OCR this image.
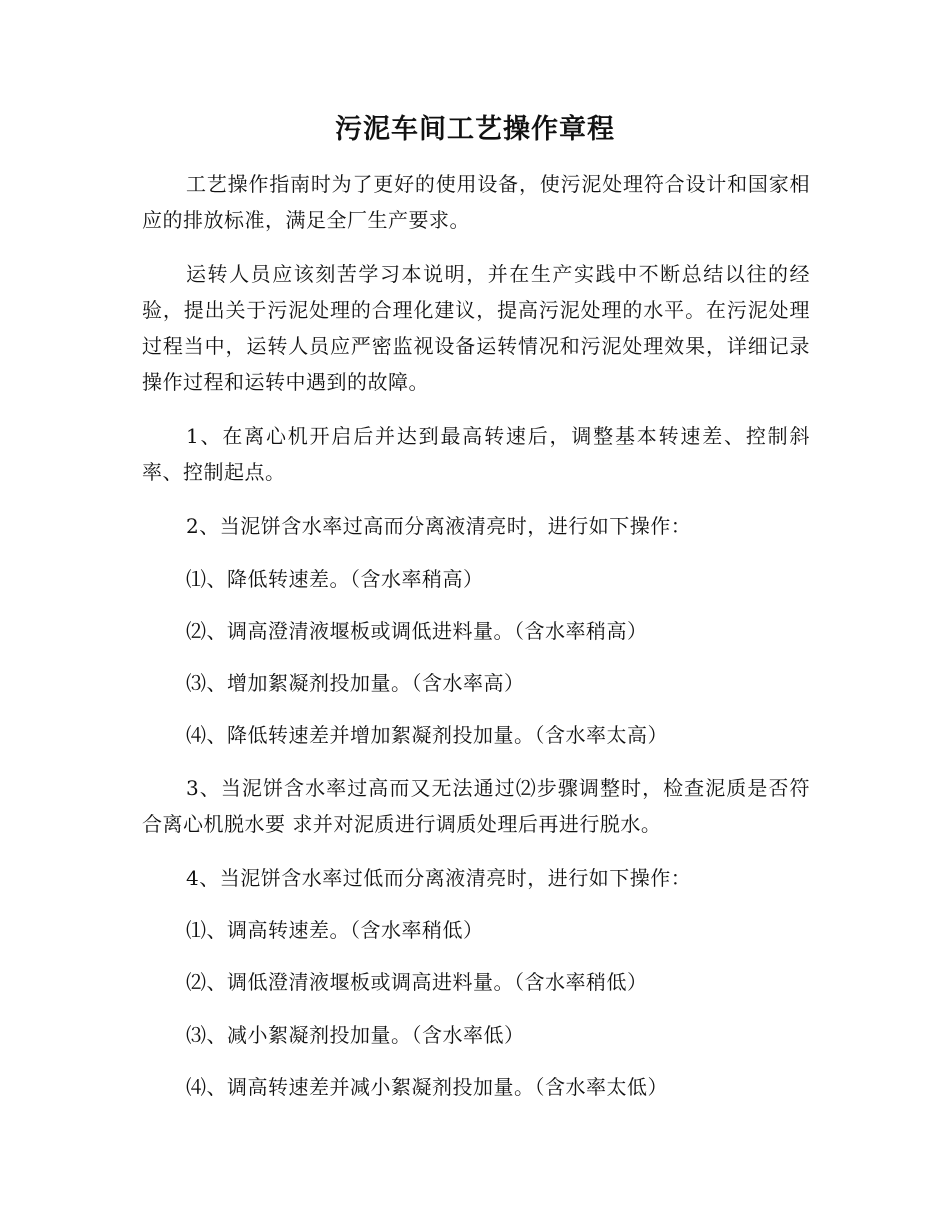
污泥车间工艺操作章程

工艺操作指南时为了更好的使用设备，使污泥处理符合设计和国家相应的排放标准，满足全厂生产要求。

运转人员应该刻苦学习本说明，并在生产实践中不断总结以往的经验，提出关于污泥处理的合理化建议，提高污泥处理的水平。在污泥处理过程当中，运转人员应严密监视设备运转情况和污泥处理效果，详细记录操作过程和运转中遇到的故障。

1、在离心机开启后并达到最高转速后，调整基本转速差、控制斜率、控制起点。

2、当泥饼含水率过高而分离液清亮时，进行如下操作：

⑴、降低转速差。（含水率稍高）

⑵、调高澄清液堰板或调低进料量。（含水率稍高）

⑶、增加絮凝剂投加量。（含水率高）

⑷、降低转速差并增加絮凝剂投加量。（含水率太高）

3、当泥饼含水率过高而又无法通过⑵步骤调整时，检查泥质是否符合离心机脱水要 求并对泥质进行调质处理后再进行脱水。

4、当泥饼含水率过低而分离液清亮时，进行如下操作：

⑴、调高转速差。（含水率稍低）

⑵、调低澄清液堰板或调高进料量。（含水率稍低）

⑶、减小絮凝剂投加量。（含水率低）

⑷、调高转速差并减小絮凝剂投加量。（含水率太低）
